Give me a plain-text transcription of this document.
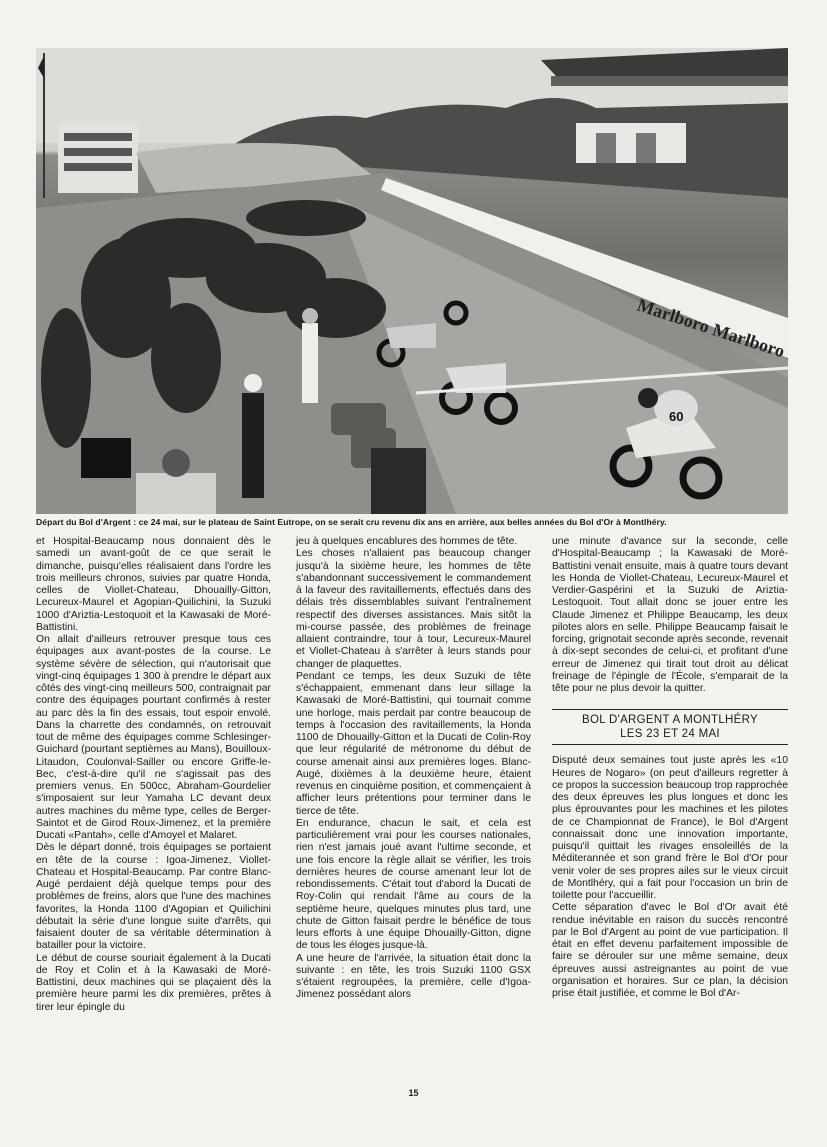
60
Départ du Bol d'Argent : ce 24 mai, sur le plateau de Saint Eutrope, on se serait cru revenu dix ans en arrière, aux belles années du Bol d'Or à Montlhéry.

et Hospital-Beaucamp nous donnaient dès le samedi un avant-goût de ce que serait le dimanche, puisqu'elles réalisaient dans l'ordre les trois meilleurs chronos, suivies par quatre Honda, celles de Viollet-Chateau, Dhouailly-Gitton, Lecureux-Maurel et Agopian-Quilichini, la Suzuki 1000 d'Ariztia-Lestoquoit et la Kawasaki de Moré-Battistini.

On allait d'ailleurs retrouver presque tous ces équipages aux avant-postes de la course. Le système sévère de sélection, qui n'autorisait que vingt-cinq équipages 1 300 à prendre le départ aux côtés des vingt-cinq meilleurs 500, contraignait par contre des équipages pourtant confirmés à rester au parc dès la fin des essais, tout espoir envolé. Dans la charrette des condamnés, on retrouvait tout de même des équipages comme Schlesinger-Guichard (pourtant septièmes au Mans), Bouilloux-Litaudon, Coulonval-Sailler ou encore Griffe-le-Bec, c'est-à-dire qu'il ne s'agissait pas des premiers venus. En 500cc, Abraham-Gourdelier s'imposaient sur leur Yamaha LC devant deux autres machines du même type, celles de Berger-Saintot et de Girod Roux-Jimenez, et la première Ducati «Pantah», celle d'Amoyel et Malaret.

Dès le départ donné, trois équipages se portaient en tête de la course : Igoa-Jimenez, Viollet-Chateau et Hospital-Beaucamp. Par contre Blanc-Augé perdaient déjà quelque temps pour des problèmes de freins, alors que l'une des machines favorites, la Honda 1100 d'Agopian et Quilichini débutait la série d'une longue suite d'arrêts, qui faisaient douter de sa véritable détermination à batailler pour la victoire.

Le début de course souriait également à la Ducati de Roy et Colin et à la Kawasaki de Moré-Battistini, deux machines qui se plaçaient dès la première heure parmi les dix premières, prêtes à tirer leur épingle du

jeu à quelques encablures des hommes de tête.

Les choses n'allaient pas beaucoup changer jusqu'à la sixième heure, les hommes de tête s'abandonnant successivement le commandement à la faveur des ravitaillements, effectués dans des délais très dissemblables suivant l'entraînement respectif des diverses assistances. Mais sitôt la mi-course passée, des problèmes de freinage allaient contraindre, tour à tour, Lecureux-Maurel et Viollet-Chateau à s'arrêter à leurs stands pour changer de plaquettes.

Pendant ce temps, les deux Suzuki de tête s'échappaient, emmenant dans leur sillage la Kawasaki de Moré-Battistini, qui tournait comme une horloge, mais perdait par contre beaucoup de temps à l'occasion des ravitaillements, la Honda 1100 de Dhouailly-Gitton et la Ducati de Colin-Roy que leur régularité de métronome du début de course amenait ainsi aux premières loges. Blanc-Augé, dixièmes à la deuxième heure, étaient revenus en cinquième position, et commençaient à afficher leurs prétentions pour terminer dans le tierce de tête.

En endurance, chacun le sait, et cela est particulièrement vrai pour les courses nationales, rien n'est jamais joué avant l'ultime seconde, et une fois encore la règle allait se vérifier, les trois dernières heures de course amenant leur lot de rebondissements. C'était tout d'abord la Ducati de Roy-Colin qui rendait l'âme au cours de la septième heure, quelques minutes plus tard, une chute de Gitton faisait perdre le bénéfice de tous leurs efforts à une équipe Dhouailly-Gitton, digne de tous les éloges jusque-là.

A une heure de l'arrivée, la situation était donc la suivante : en tête, les trois Suzuki 1100 GSX s'étaient regroupées, la première, celle d'Igoa-Jimenez possédant alors

une minute d'avance sur la seconde, celle d'Hospital-Beaucamp ; la Kawasaki de Moré-Battistini venait ensuite, mais à quatre tours devant les Honda de Viollet-Chateau, Lecureux-Maurel et Verdier-Gaspérini et la Suzuki de Ariztia-Lestoquoit. Tout allait donc se jouer entre les Claude Jimenez et Philippe Beaucamp, les deux pilotes alors en selle. Philippe Beaucamp faisait le forcing, grignotait seconde après seconde, revenait à dix-sept secondes de celui-ci, et profitant d'une erreur de Jimenez qui tirait tout droit au délicat freinage de l'épingle de l'École, s'emparait de la tête pour ne plus devoir la quitter.

BOL D'ARGENT A MONTLHÉRY
LES 23 ET 24 MAI

Disputé deux semaines tout juste après les «10 Heures de Nogaro» (on peut d'ailleurs regretter à ce propos la succession beaucoup trop rapprochée des deux épreuves les plus longues et donc les plus éprouvantes pour les machines et les pilotes de ce Championnat de France), le Bol d'Argent connaissait donc une innovation importante, puisqu'il quittait les rivages ensoleillés de la Méditerannée et son grand frère le Bol d'Or pour venir voler de ses propres ailes sur le vieux circuit de Montlhéry, qui a fait pour l'occasion un brin de toilette pour l'accueillir.

Cette séparation d'avec le Bol d'Or avait été rendue inévitable en raison du succès rencontré par le Bol d'Argent au point de vue participation. Il était en effet devenu parfaitement impossible de faire se dérouler sur une même semaine, deux épreuves aussi astreignantes au point de vue organisation et horaires. Sur ce plan, la décision prise était justifiée, et comme le Bol d'Ar-

15
